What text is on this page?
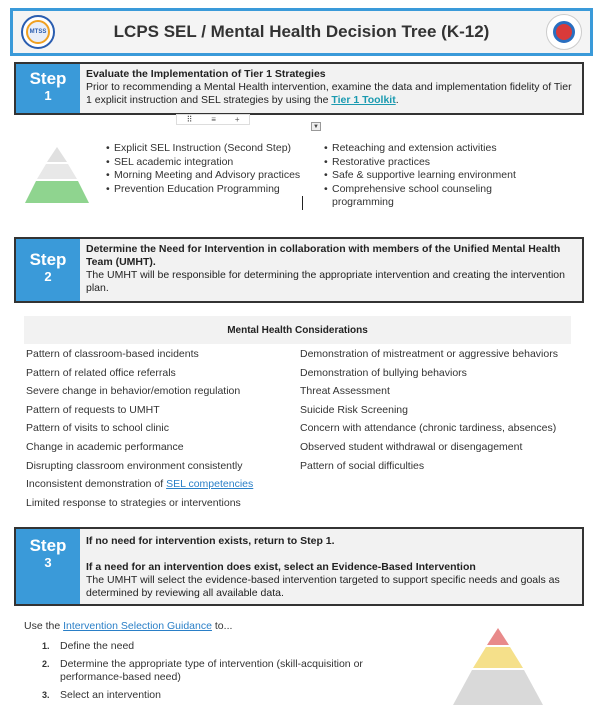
MTSS	LCPS SEL / Mental Health Decision Tree (K-12)
Step
1
Evaluate the Implementation of Tier 1 Strategies
Prior to recommending a Mental Health intervention, examine the data and implementation fidelity of Tier 1 explicit instruction and SEL strategies by using the Tier 1 Toolkit.
⠿ ≡ +
▼
• Explicit SEL Instruction (Second Step)
• SEL academic integration
• Morning Meeting and Advisory practices
• Prevention Education Programming
• Reteaching and extension activities
• Restorative practices
• Safe & supportive learning environment
• Comprehensive school counseling programming
Step
2
Determine the Need for Intervention in collaboration with members of the Unified Mental Health Team (UMHT).
The UMHT will be responsible for determining the appropriate intervention and creating the intervention plan.
Mental Health Considerations
Pattern of classroom-based incidents
Pattern of related office referrals
Severe change in behavior/emotion regulation
Pattern of requests to UMHT
Pattern of visits to school clinic
Change in academic performance
Disrupting classroom environment consistently
Inconsistent demonstration of SEL competencies
Limited response to strategies or interventions
Demonstration of mistreatment or aggressive behaviors
Demonstration of bullying behaviors
Threat Assessment
Suicide Risk Screening
Concern with attendance (chronic tardiness, absences)
Observed student withdrawal or disengagement
Pattern of social difficulties
Step
3
If no need for intervention exists, return to Step 1.

If a need for an intervention does exist, select an Evidence-Based Intervention
The UMHT will select the evidence-based intervention targeted to support specific needs and goals as determined by reviewing all available data.
Use the Intervention Selection Guidance to...
1. Define the need
2. Determine the appropriate type of intervention (skill-acquisition or performance-based need)
3. Select an intervention
